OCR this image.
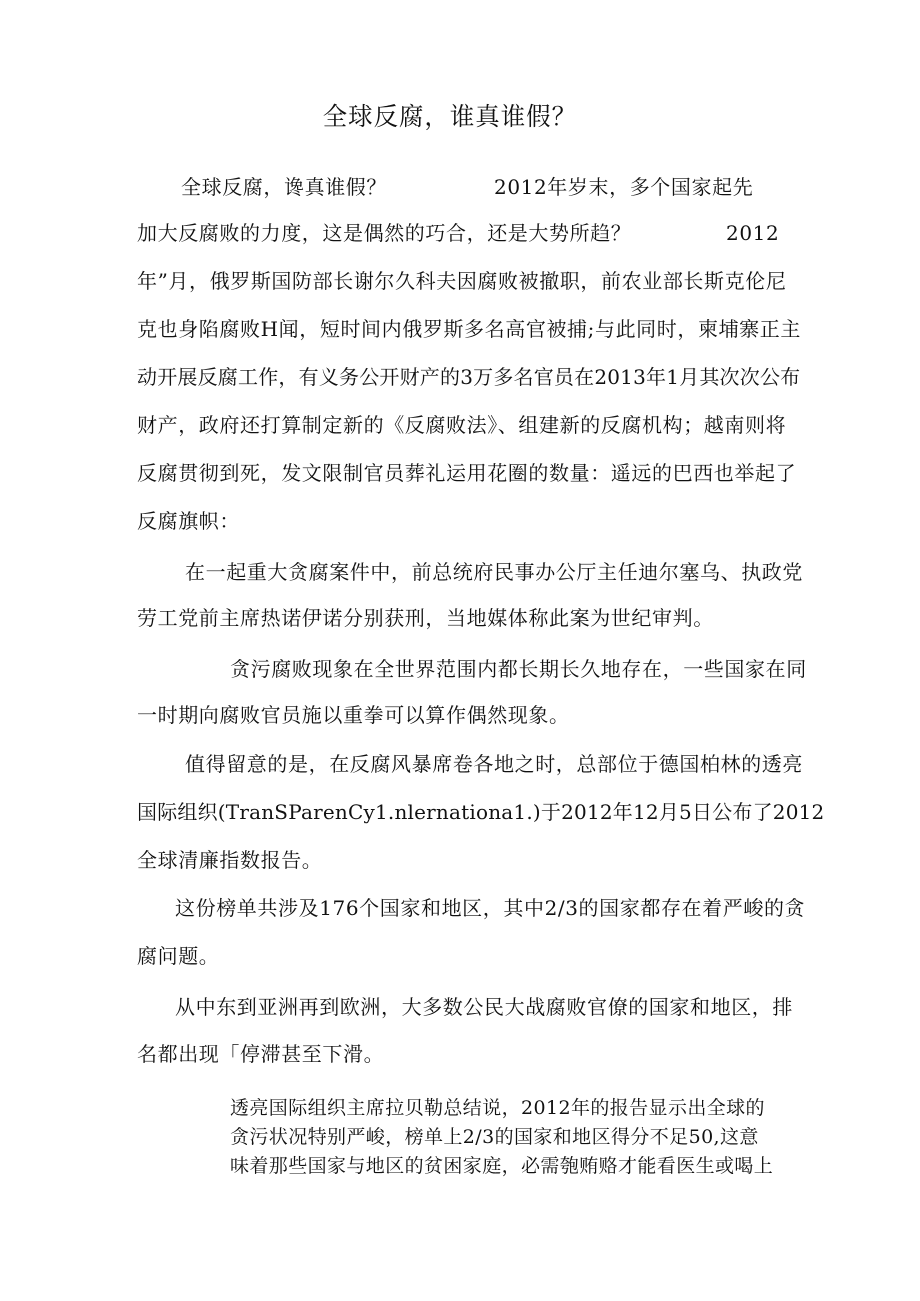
全球反腐，谁真谁假？
全球反腐，谗真谁假？	2012年岁末，多个国家起先
加大反腐败的力度，这是偶然的巧合，还是大势所趋？	2012
年”月，俄罗斯国防部长谢尔久科夫因腐败被撤职，前农业部长斯克伦尼
克也身陷腐败H闻，短时间内俄罗斯多名高官被捕;与此同时，柬埔寨正主
动开展反腐工作，有义务公开财产的3万多名官员在2013年1月其次次公布
财产，政府还打算制定新的《反腐败法》、组建新的反腐机构；越南则将
反腐贯彻到死，发文限制官员葬礼运用花圈的数量：遥远的巴西也举起了
反腐旗帜：
在一起重大贪腐案件中，前总统府民事办公厅主任迪尔塞乌、执政党
劳工党前主席热诺伊诺分别获刑，当地媒体称此案为世纪审判。
贪污腐败现象在全世界范围内都长期长久地存在，一些国家在同
一时期向腐败官员施以重拳可以算作偶然现象。
值得留意的是，在反腐风暴席卷各地之时，总部位于德国柏林的透亮
国际组织(TranSParenCy1.nlernationa1.)于2012年12月5日公布了2012
全球清廉指数报告。
这份榜单共涉及176个国家和地区，其中2/3的国家都存在着严峻的贪
腐问题。
从中东到亚洲再到欧洲，大多数公民大战腐败官僚的国家和地区，排
名都出现「停滞甚至下滑。
透亮国际组织主席拉贝勒总结说，2012年的报告显示出全球的
贪污状况特别严峻，榜单上2/3的国家和地区得分不足50,这意
味着那些国家与地区的贫困家庭，必需匏贿赂才能看医生或喝上
